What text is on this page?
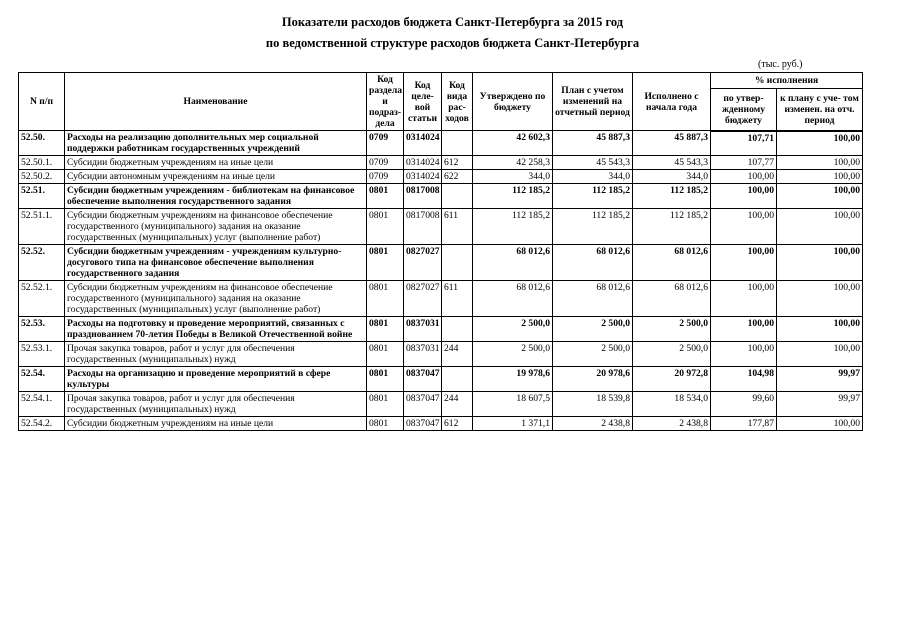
Показатели расходов бюджета Санкт-Петербурга за 2015 год
по ведомственной структуре расходов бюджета Санкт-Петербурга
(тыс. руб.)
N п/п	Наименование	Код раздела и подраз- дела	Код целе- вой статьи	Код вида рас- ходов	Утверждено по бюджету	План с учетом изменений на отчетный период	Исполнено с начала года	% исполнения	
								по утвер- жденному бюджету	к плану с уче- том изменен. на отч. период
52.50.	Расходы на реализацию дополнительных мер социальной поддержки работникам государственных учреждений	0709	0314024		42 602,3	45 887,3	45 887,3	107,71	100,00
52.50.1.	Субсидии бюджетным учреждениям на иные цели	0709	0314024	612	42 258,3	45 543,3	45 543,3	107,77	100,00
52.50.2.	Субсидии автономным учреждениям на иные цели	0709	0314024	622	344,0	344,0	344,0	100,00	100,00
52.51.	Субсидии бюджетным учреждениям - библиотекам на финансовое обеспечение выполнения государственного задания	0801	0817008		112 185,2	112 185,2	112 185,2	100,00	100,00
52.51.1.	Субсидии бюджетным учреждениям на финансовое обеспечение государственного (муниципального) задания на оказание государственных (муниципальных) услуг (выполнение работ)	0801	0817008	611	112 185,2	112 185,2	112 185,2	100,00	100,00
52.52.	Субсидии бюджетным учреждениям - учреждениям культурно-досугового типа на финансовое обеспечение выполнения государственного задания	0801	0827027		68 012,6	68 012,6	68 012,6	100,00	100,00
52.52.1.	Субсидии бюджетным учреждениям на финансовое обеспечение государственного (муниципального) задания на оказание государственных (муниципальных) услуг (выполнение работ)	0801	0827027	611	68 012,6	68 012,6	68 012,6	100,00	100,00
52.53.	Расходы на подготовку и проведение мероприятий, связанных с празднованием 70-летия Победы в Великой Отечественной войне	0801	0837031		2 500,0	2 500,0	2 500,0	100,00	100,00
52.53.1.	Прочая закупка товаров, работ и услуг для обеспечения государственных (муниципальных) нужд	0801	0837031	244	2 500,0	2 500,0	2 500,0	100,00	100,00
52.54.	Расходы на организацию и проведение мероприятий в сфере культуры	0801	0837047		19 978,6	20 978,6	20 972,8	104,98	99,97
52.54.1.	Прочая закупка товаров, работ и услуг для обеспечения государственных (муниципальных) нужд	0801	0837047	244	18 607,5	18 539,8	18 534,0	99,60	99,97
52.54.2.	Субсидии бюджетным учреждениям на иные цели	0801	0837047	612	1 371,1	2 438,8	2 438,8	177,87	100,00
